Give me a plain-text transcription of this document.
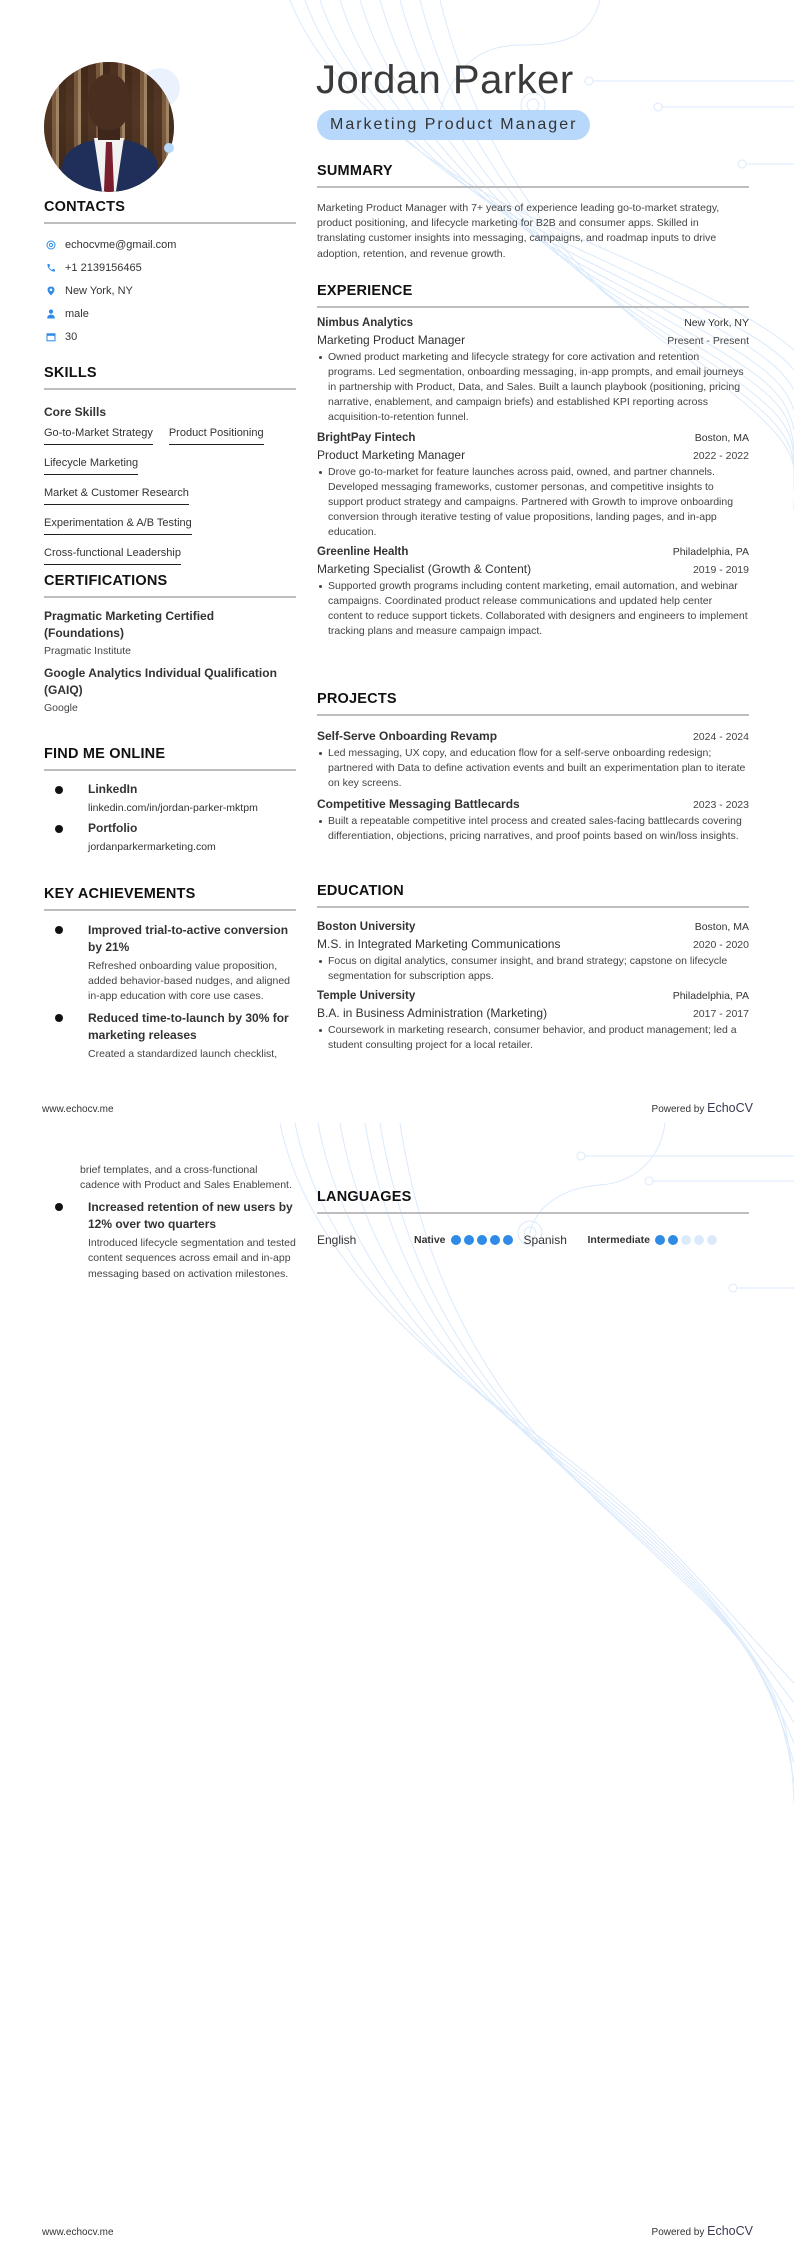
Jordan Parker
Marketing Product Manager
CONTACTS
echocvme@gmail.com
+1 2139156465
New York, NY
male
30
SKILLS
Core Skills
Go-to-Market Strategy Product Positioning
Lifecycle Marketing
Market & Customer Research
Experimentation & A/B Testing
Cross-functional Leadership
CERTIFICATIONS
Pragmatic Marketing Certified (Foundations)
Pragmatic Institute
Google Analytics Individual Qualification (GAIQ)
Google
FIND ME ONLINE
LinkedIn
linkedin.com/in/jordan-parker-mktpm
Portfolio
jordanparkermarketing.com
KEY ACHIEVEMENTS
Improved trial-to-active conversion by 21%
Refreshed onboarding value proposition, added behavior-based nudges, and aligned in-app education with core use cases.
Reduced time-to-launch by 30% for marketing releases
Created a standardized launch checklist,
SUMMARY

Marketing Product Manager with 7+ years of experience leading go-to-market strategy, product positioning, and lifecycle marketing for B2B and consumer apps. Skilled in translating customer insights into messaging, campaigns, and roadmap inputs to drive adoption, retention, and revenue growth.

EXPERIENCE
Nimbus Analytics	New York, NY
Marketing Product Manager	Present - Present
Owned product marketing and lifecycle strategy for core activation and retention programs. Led segmentation, onboarding messaging, in-app prompts, and email journeys in partnership with Product, Data, and Sales. Built a launch playbook (positioning, pricing narrative, enablement, and campaign briefs) and established KPI reporting across acquisition-to-retention funnel.
BrightPay Fintech	Boston, MA
Product Marketing Manager	2022 - 2022
Drove go-to-market for feature launches across paid, owned, and partner channels. Developed messaging frameworks, customer personas, and competitive insights to support product strategy and campaigns. Partnered with Growth to improve onboarding conversion through iterative testing of value propositions, landing pages, and in-app education.
Greenline Health	Philadelphia, PA
Marketing Specialist (Growth & Content)	2019 - 2019
Supported growth programs including content marketing, email automation, and webinar campaigns. Coordinated product release communications and updated help center content to reduce support tickets. Collaborated with designers and engineers to implement tracking plans and measure campaign impact.
PROJECTS
Self-Serve Onboarding Revamp	2024 - 2024
Led messaging, UX copy, and education flow for a self-serve onboarding redesign; partnered with Data to define activation events and built an experimentation plan to iterate on key screens.
Competitive Messaging Battlecards	2023 - 2023
Built a repeatable competitive intel process and created sales-facing battlecards covering differentiation, objections, pricing narratives, and proof points based on win/loss insights.
EDUCATION
Boston University	Boston, MA
M.S. in Integrated Marketing Communications	2020 - 2020
Focus on digital analytics, consumer insight, and brand strategy; capstone on lifecycle segmentation for subscription apps.
Temple University	Philadelphia, PA
B.A. in Business Administration (Marketing)	2017 - 2017
Coursework in marketing research, consumer behavior, and product management; led a student consulting project for a local retailer.
www.echocv.me	Powered by EchoCV
brief templates, and a cross-functional cadence with Product and Sales Enablement.
Increased retention of new users by 12% over two quarters
Introduced lifecycle segmentation and tested content sequences across email and in-app messaging based on activation milestones.
LANGUAGES
English	Native	Spanish	Intermediate
www.echocv.me	Powered by EchoCV
